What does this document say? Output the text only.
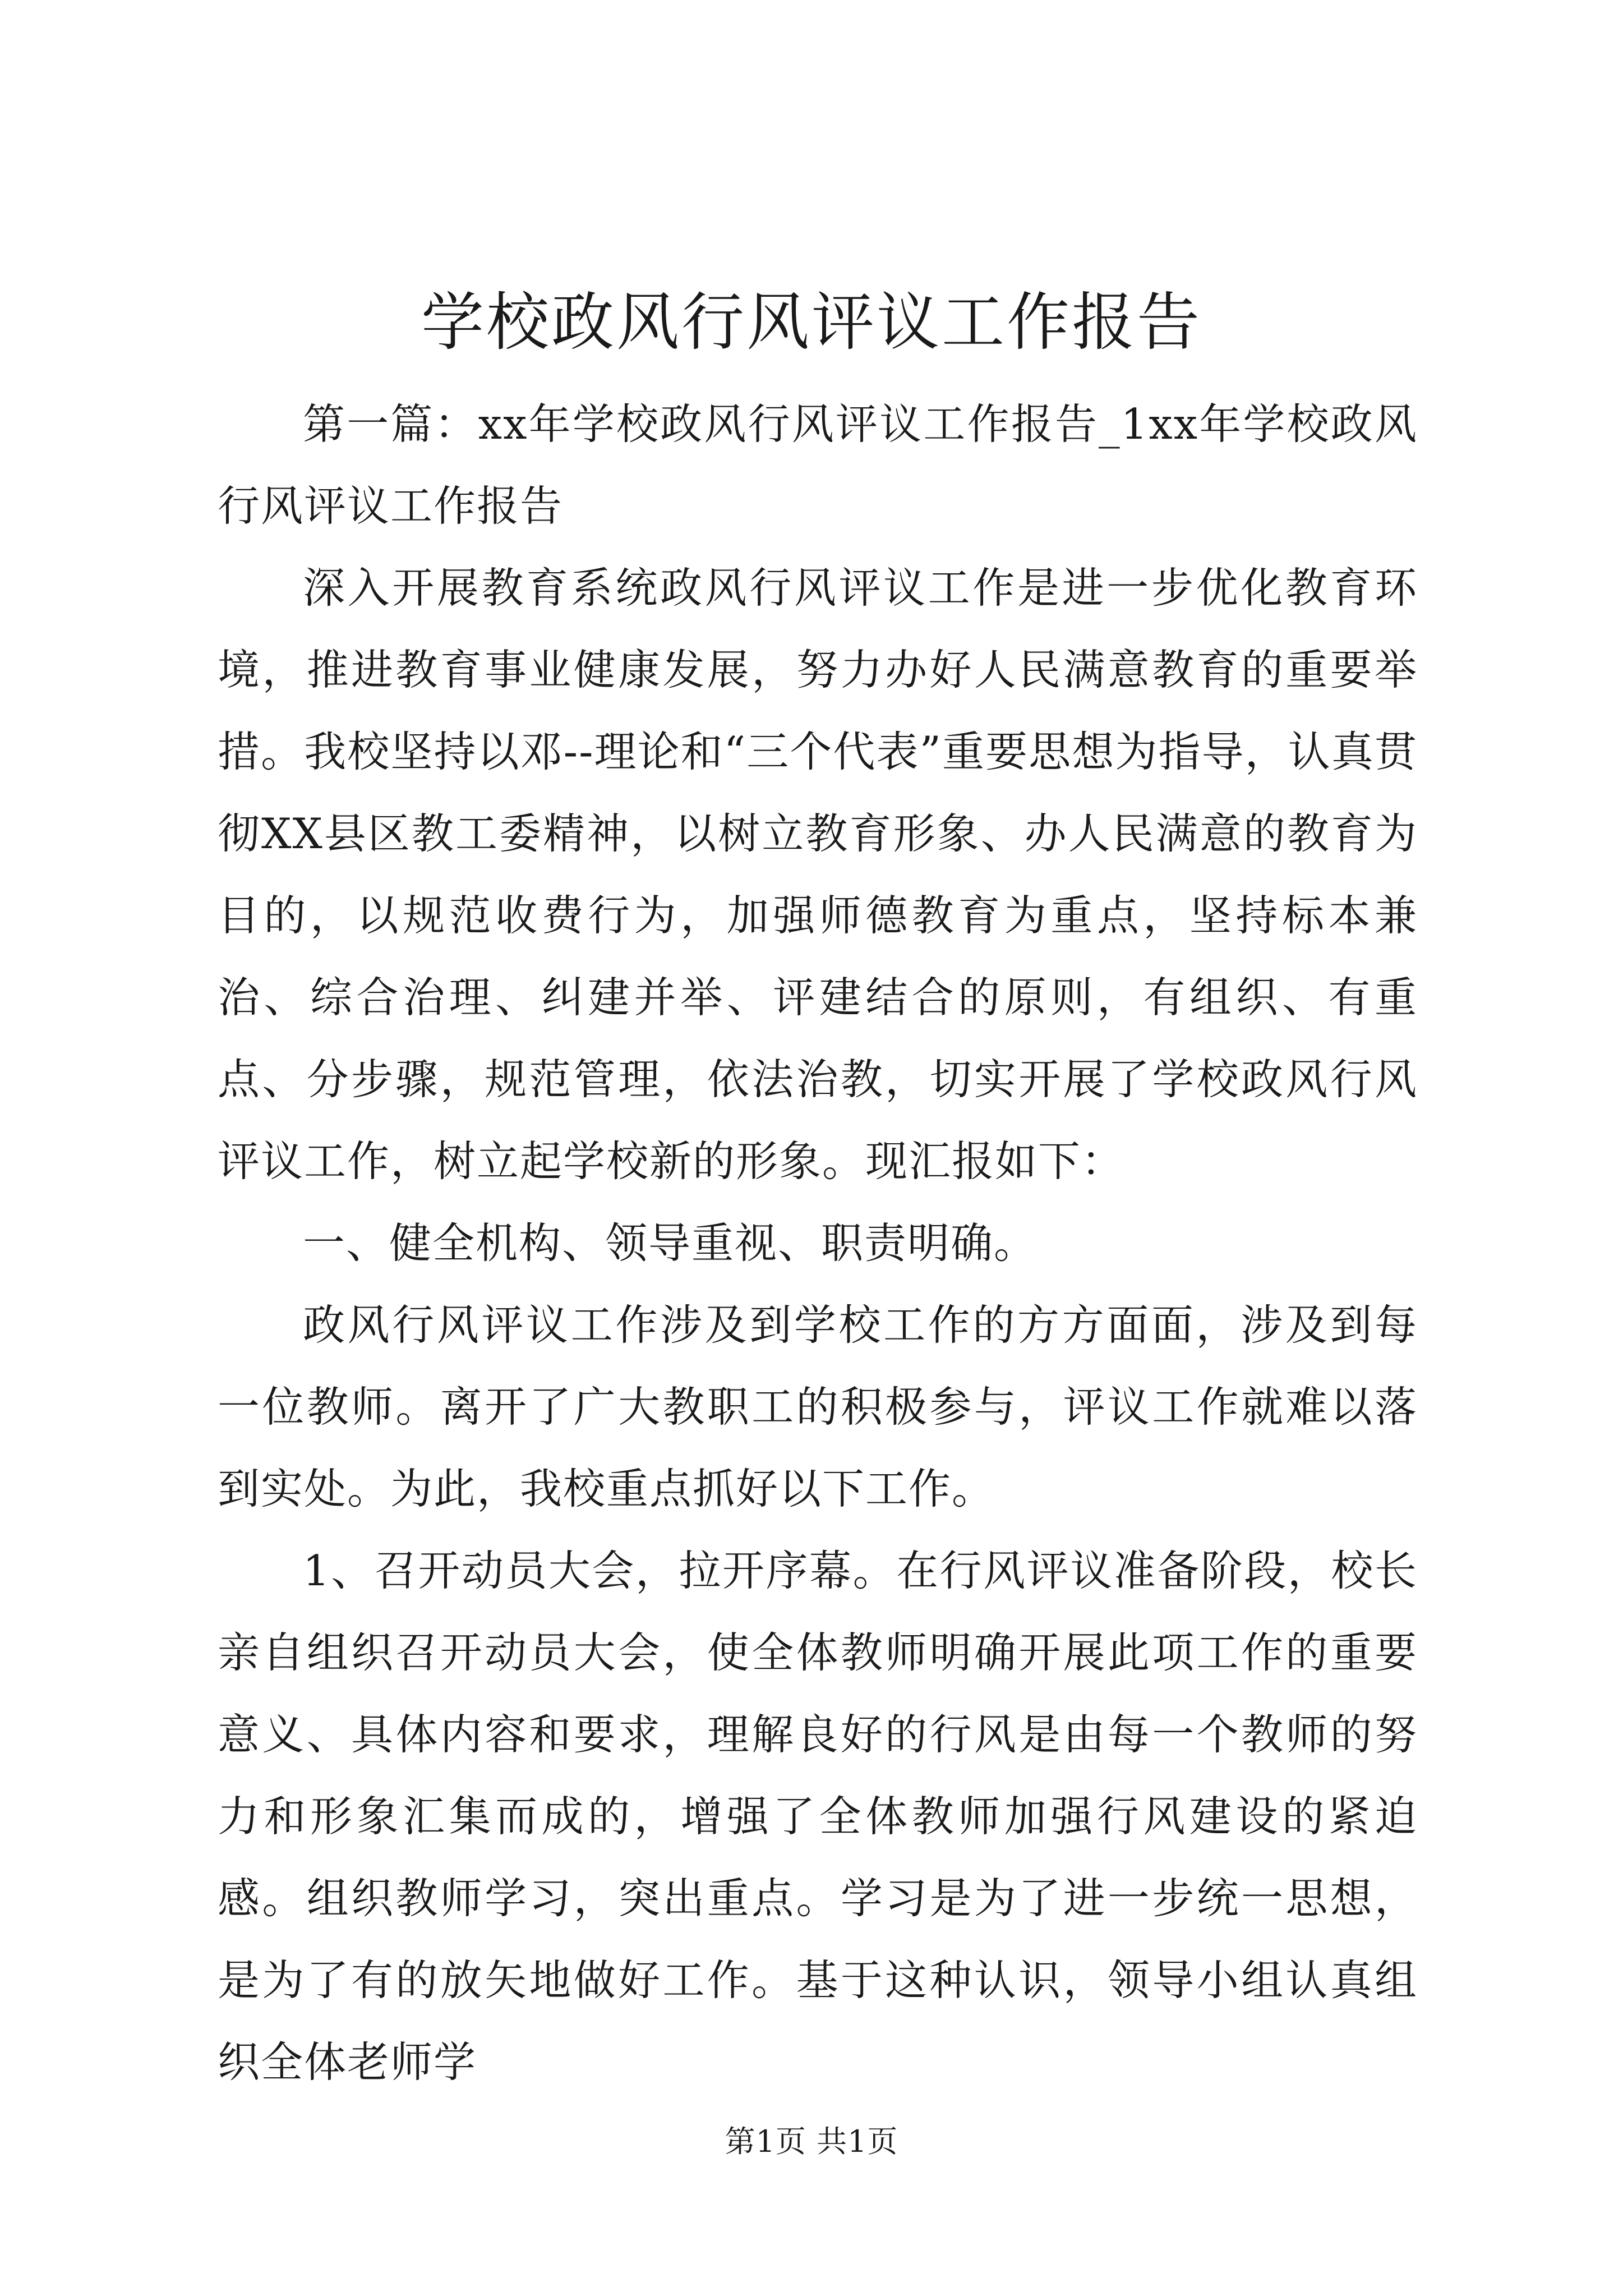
学校政风行风评议工作报告

第一篇：xx年学校政风行风评议工作报告_1xx年学校政风行风评议工作报告

深入开展教育系统政风行风评议工作是进一步优化教育环境，推进教育事业健康发展，努力办好人民满意教育的重要举措。我校坚持以邓--理论和“三个代表”重要思想为指导，认真贯彻XX县区教工委精神，以树立教育形象、办人民满意的教育为目的，以规范收费行为，加强师德教育为重点，坚持标本兼治、综合治理、纠建并举、评建结合的原则，有组织、有重点、分步骤，规范管理，依法治教，切实开展了学校政风行风评议工作，树立起学校新的形象。现汇报如下：

一、健全机构、领导重视、职责明确。

政风行风评议工作涉及到学校工作的方方面面，涉及到每一位教师。离开了广大教职工的积极参与，评议工作就难以落到实处。为此，我校重点抓好以下工作。

1、召开动员大会，拉开序幕。在行风评议准备阶段，校长亲自组织召开动员大会，使全体教师明确开展此项工作的重要意义、具体内容和要求，理解良好的行风是由每一个教师的努力和形象汇集而成的，增强了全体教师加强行风建设的紧迫感。组织教师学习，突出重点。学习是为了进一步统一思想，是为了有的放矢地做好工作。基于这种认识，领导小组认真组织全体老师学

第1页 共1页
